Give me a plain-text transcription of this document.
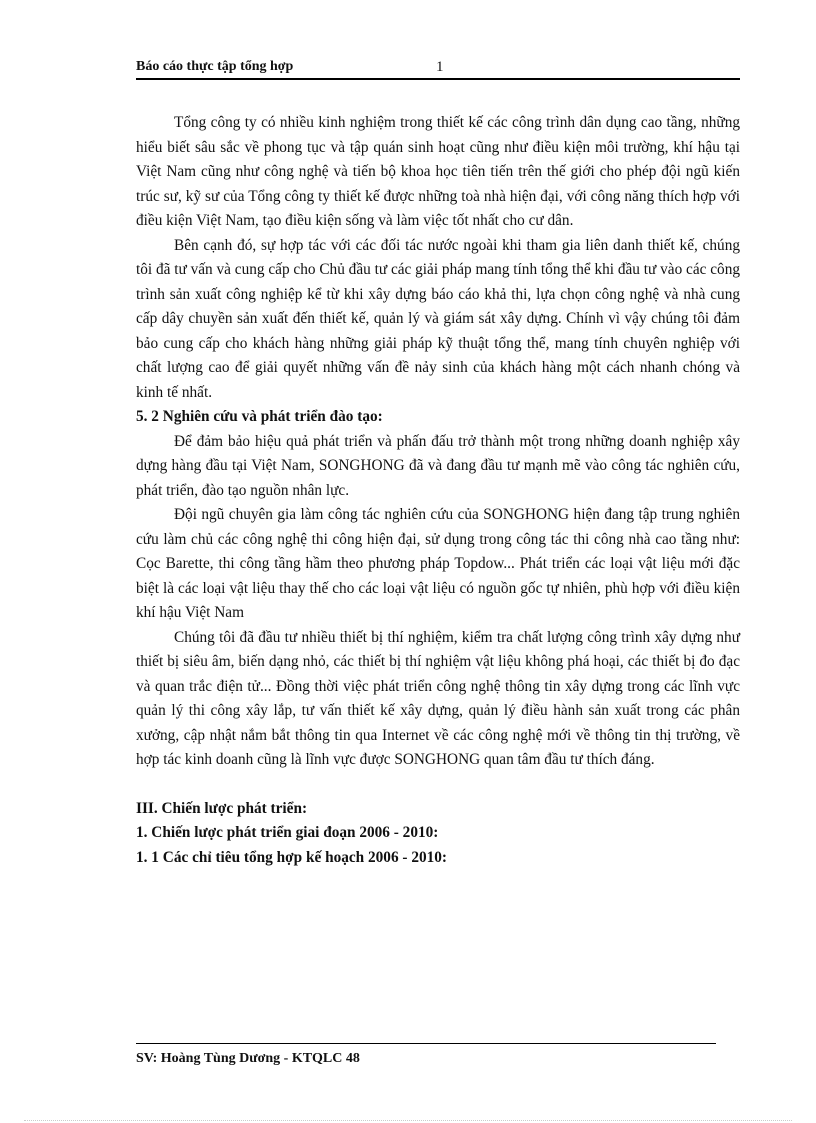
Báo cáo thực tập tổng hợp	1

Tổng công ty có nhiều kinh nghiệm trong thiết kế các công trình dân dụng cao tầng, những hiểu biết sâu sắc về phong tục và tập quán sinh hoạt cũng như điều kiện môi trường, khí hậu tại Việt Nam cũng như công nghệ và tiến bộ khoa học tiên tiến trên thế giới cho phép đội ngũ kiến trúc sư, kỹ sư của Tổng công ty thiết kế được những toà nhà hiện đại, với công năng thích hợp với điều kiện Việt Nam, tạo điều kiện sống và làm việc tốt nhất cho cư dân.

Bên cạnh đó, sự hợp tác với các đối tác nước ngoài khi tham gia liên danh thiết kế, chúng tôi đã tư vấn và cung cấp cho Chủ đầu tư các giải pháp mang tính tổng thể khi đầu tư vào các công trình sản xuất công nghiệp kể từ khi xây dựng báo cáo khả thi, lựa chọn công nghệ và nhà cung cấp dây chuyền sản xuất đến thiết kế, quản lý và giám sát xây dựng. Chính vì vậy chúng tôi đảm bảo cung cấp cho khách hàng những giải pháp kỹ thuật tổng thể, mang tính chuyên nghiệp với chất lượng cao để giải quyết những vấn đề nảy sinh của khách hàng một cách nhanh chóng và kinh tế nhất.

5. 2 Nghiên cứu và phát triển đào tạo:

Để đảm bảo hiệu quả phát triển và phấn đấu trở thành một trong những doanh nghiệp xây dựng hàng đầu tại Việt Nam, SONGHONG đã và đang đầu tư mạnh mẽ vào công tác nghiên cứu, phát triển, đào tạo nguồn nhân lực.

Đội ngũ chuyên gia làm công tác nghiên cứu của SONGHONG hiện đang tập trung nghiên cứu làm chủ các công nghệ thi công hiện đại, sử dụng trong công tác thi công nhà cao tầng như: Cọc Barette, thi công tầng hầm theo phương pháp Topdow... Phát triển các loại vật liệu mới đặc biệt là các loại vật liệu thay thế cho các loại vật liệu có nguồn gốc tự nhiên, phù hợp với điều kiện khí hậu Việt Nam

Chúng tôi đã đầu tư nhiều thiết bị thí nghiệm, kiểm tra chất lượng công trình xây dựng như thiết bị siêu âm, biến dạng nhỏ, các thiết bị thí nghiệm vật liệu không phá hoại, các thiết bị đo đạc và quan trắc điện tử... Đồng thời việc phát triển công nghệ thông tin xây dựng trong các lĩnh vực quản lý thi công xây lắp, tư vấn thiết kế xây dựng, quản lý điều hành sản xuất trong các phân xưởng, cập nhật nắm bắt thông tin qua Internet về các công nghệ mới về thông tin thị trường, về hợp tác kinh doanh cũng là lĩnh vực được SONGHONG quan tâm đầu tư thích đáng.

III. Chiến lược phát triển:

1. Chiến lược phát triển giai đoạn 2006 - 2010:

1. 1 Các chỉ tiêu tổng hợp kế hoạch 2006 - 2010:

SV: Hoàng Tùng Dương - KTQLC 48
